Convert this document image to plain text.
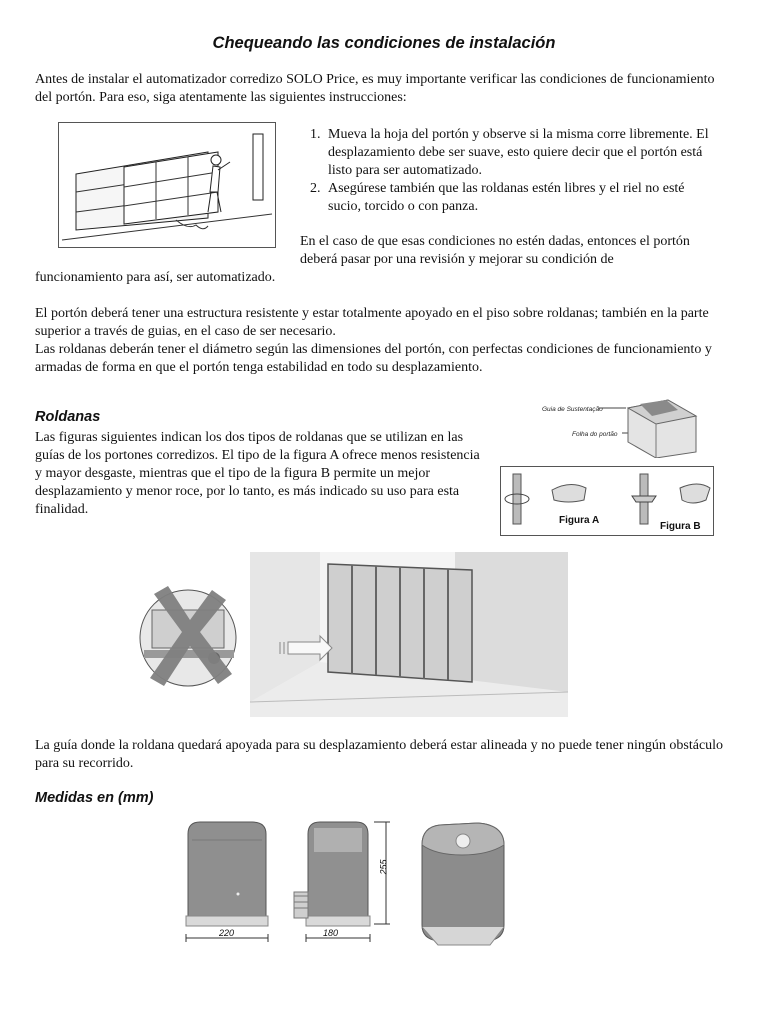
Chequeando las condiciones de instalación
Antes de instalar el automatizador corredizo SOLO Price, es muy importante verificar las condiciones de funcionamiento del portón. Para eso, siga atentamente las siguientes instrucciones:
1. Mueva la hoja del portón y observe si la misma corre libremente. El desplazamiento debe ser suave, esto quiere decir que el portón está listo para ser automatizado.
2. Asegúrese también que las roldanas estén libres y el riel no esté sucio, torcido o con panza.
En el caso de que esas condiciones no estén dadas, entonces el portón deberá pasar por una revisión y mejorar su condición de
funcionamiento para así, ser automatizado.
El portón deberá tener una estructura resistente y estar totalmente apoyado en el piso sobre roldanas; también en la parte superior a través de guias, en el caso de ser necesario.
Las roldanas deberán tener el diámetro según las dimensiones del portón, con perfectas condiciones de funcionamiento y armadas de forma en que el portón tenga estabilidad en todo su desplazamiento.
Roldanas
Las figuras siguientes indican los dos tipos de roldanas que se utilizan en las guías de los portones corredizos. El tipo de la figura A ofrece menos resistencia y mayor desgaste, mientras que el tipo de la figura B permite un mejor desplazamiento y menor roce, por lo tanto, es más indicado su uso para esta finalidad.
Guia de Sustentação
Folha do portão
Figura A
Figura B
La guía donde la roldana quedará apoyada para su desplazamiento deberá estar alineada y no puede tener ningún obstáculo para su recorrido.
Medidas en (mm)
220	180
255
